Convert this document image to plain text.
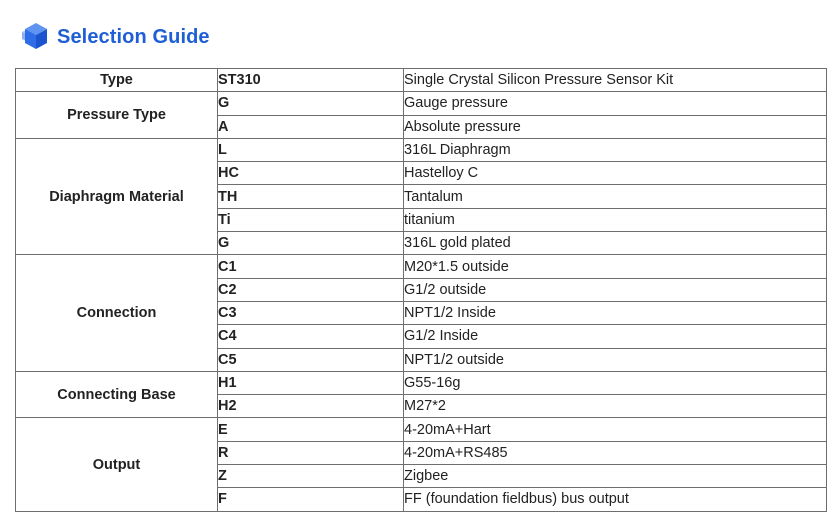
Selection Guide
Type	ST310	Single Crystal Silicon Pressure Sensor Kit
Pressure Type	G	Gauge pressure
	A	Absolute pressure
Diaphragm Material	L	316L Diaphragm
	HC	Hastelloy C
	TH	Tantalum
	Ti	titanium
	G	316L gold plated
Connection	C1	M20*1.5 outside
	C2	G1/2 outside
	C3	NPT1/2 Inside
	C4	G1/2 Inside
	C5	NPT1/2 outside
Connecting Base	H1	G55-16g
	H2	M27*2
Output	E	4-20mA+Hart
	R	4-20mA+RS485
	Z	Zigbee
	F	FF (foundation fieldbus) bus output
